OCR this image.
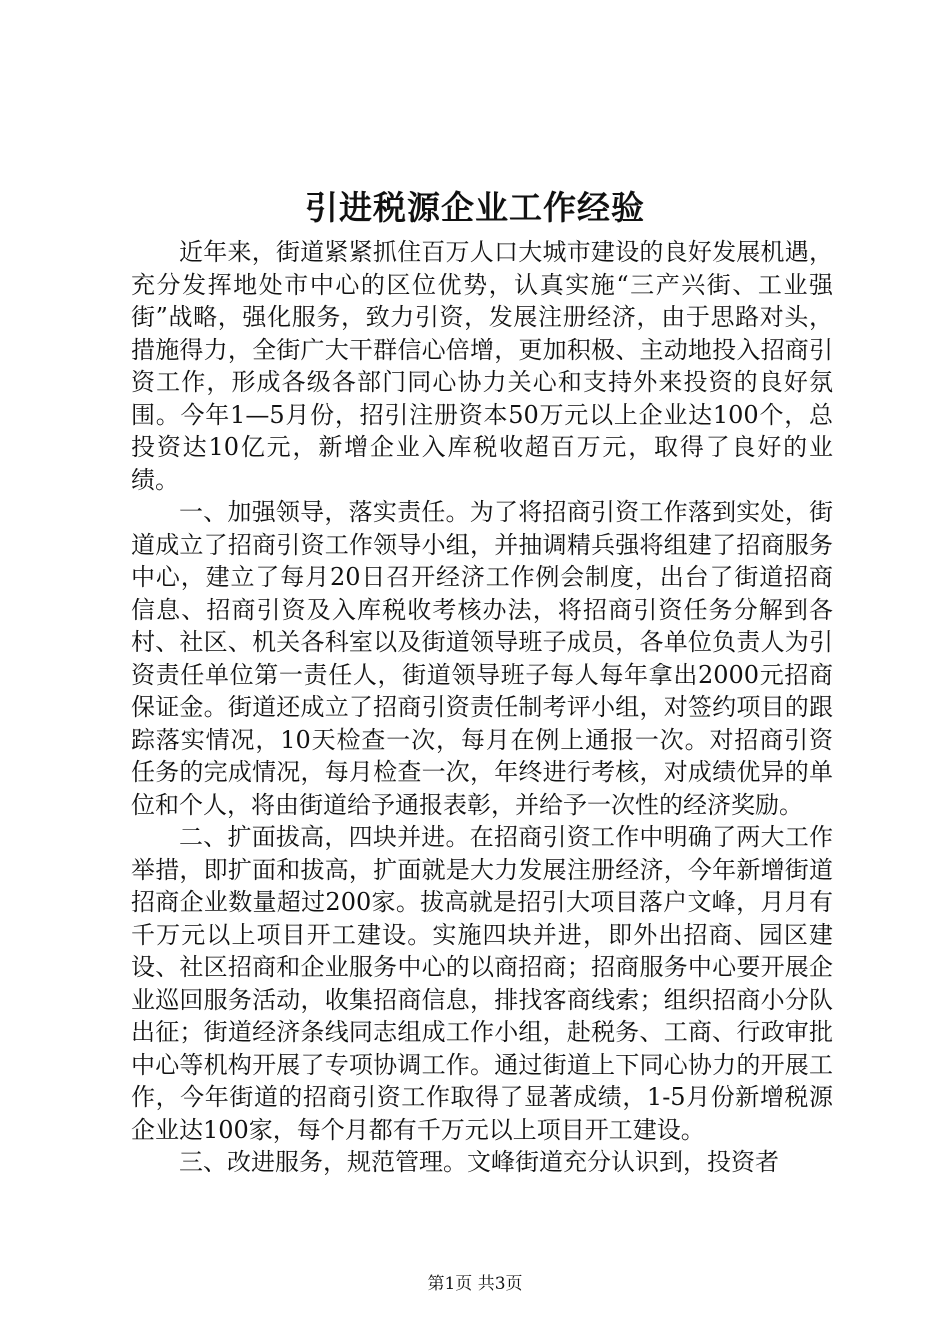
引进税源企业工作经验

近年来，街道紧紧抓住百万人口大城市建设的良好发展机遇，充分发挥地处市中心的区位优势，认真实施“三产兴街、工业强街”战略，强化服务，致力引资，发展注册经济，由于思路对头，措施得力，全街广大干群信心倍增，更加积极、主动地投入招商引资工作，形成各级各部门同心协力关心和支持外来投资的良好氛围。今年1—5月份，招引注册资本50万元以上企业达100个，总投资达10亿元，新增企业入库税收超百万元，取得了良好的业绩。

一、加强领导，落实责任。为了将招商引资工作落到实处，街道成立了招商引资工作领导小组，并抽调精兵强将组建了招商服务中心，建立了每月20日召开经济工作例会制度，出台了街道招商信息、招商引资及入库税收考核办法，将招商引资任务分解到各村、社区、机关各科室以及街道领导班子成员，各单位负责人为引资责任单位第一责任人，街道领导班子每人每年拿出2000元招商保证金。街道还成立了招商引资责任制考评小组，对签约项目的跟踪落实情况，10天检查一次，每月在例上通报一次。对招商引资任务的完成情况，每月检查一次，年终进行考核，对成绩优异的单位和个人，将由街道给予通报表彰，并给予一次性的经济奖励。

二、扩面拔高，四块并进。在招商引资工作中明确了两大工作举措，即扩面和拔高，扩面就是大力发展注册经济，今年新增街道招商企业数量超过200家。拔高就是招引大项目落户文峰，月月有千万元以上项目开工建设。实施四块并进，即外出招商、园区建设、社区招商和企业服务中心的以商招商；招商服务中心要开展企业巡回服务活动，收集招商信息，排找客商线索；组织招商小分队出征；街道经济条线同志组成工作小组，赴税务、工商、行政审批中心等机构开展了专项协调工作。通过街道上下同心协力的开展工作，今年街道的招商引资工作取得了显著成绩，1-5月份新增税源企业达100家，每个月都有千万元以上项目开工建设。

三、改进服务，规范管理。文峰街道充分认识到，投资者

第1页 共3页
